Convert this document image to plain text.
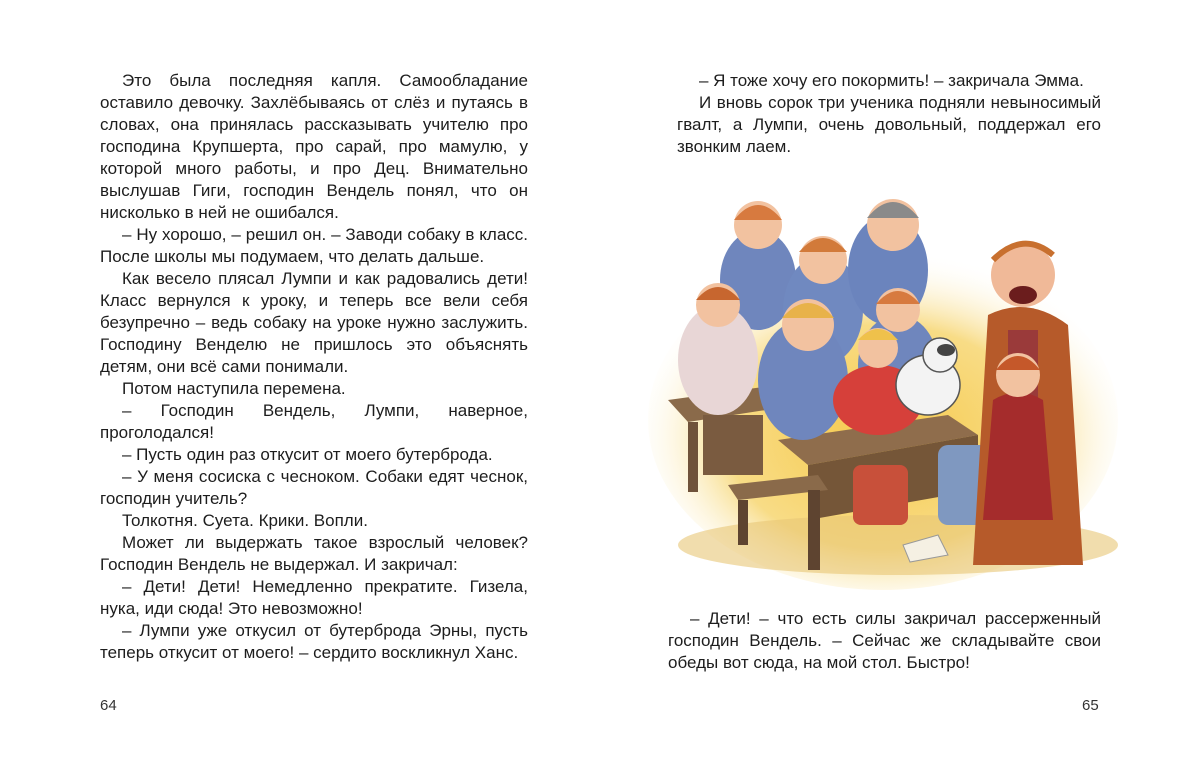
Это была последняя капля. Самообладание оставило девочку. Захлёбываясь от слёз и путаясь в словах, она принялась рассказывать учителю про господина Крупшерта, про сарай, про мамулю, у которой много работы, и про Дец. Внимательно выслушав Гиги, господин Вендель понял, что он нисколько в ней не ошибался.

– Ну хорошо, – решил он. – Заводи собаку в класс. После школы мы подумаем, что делать дальше.

Как весело плясал Лумпи и как радовались дети! Класс вернулся к уроку, и теперь все вели себя безупречно – ведь собаку на уроке нужно заслужить. Господину Венделю не пришлось это объяснять детям, они всё сами понимали.

Потом наступила перемена.

– Господин Вендель, Лумпи, наверное, проголодался!

– Пусть один раз откусит от моего бутерброда.

– У меня сосиска с чесноком. Собаки едят чеснок, господин учитель?

Толкотня. Суета. Крики. Вопли.

Может ли выдержать такое взрослый человек? Господин Вендель не выдержал. И закричал:

– Дети! Дети! Немедленно прекратите. Гизела, нука, иди сюда! Это невозможно!

– Лумпи уже откусил от бутерброда Эрны, пусть теперь откусит от моего! – сердито воскликнул Ханс.

64

– Я тоже хочу его покормить! – закричала Эмма.

И вновь сорок три ученика подняли невыносимый гвалт, а Лумпи, очень довольный, поддержал его звонким лаем.

– Дети! – что есть силы закричал рассерженный господин Вендель. – Сейчас же складывайте свои обеды вот сюда, на мой стол. Быстро!

65
